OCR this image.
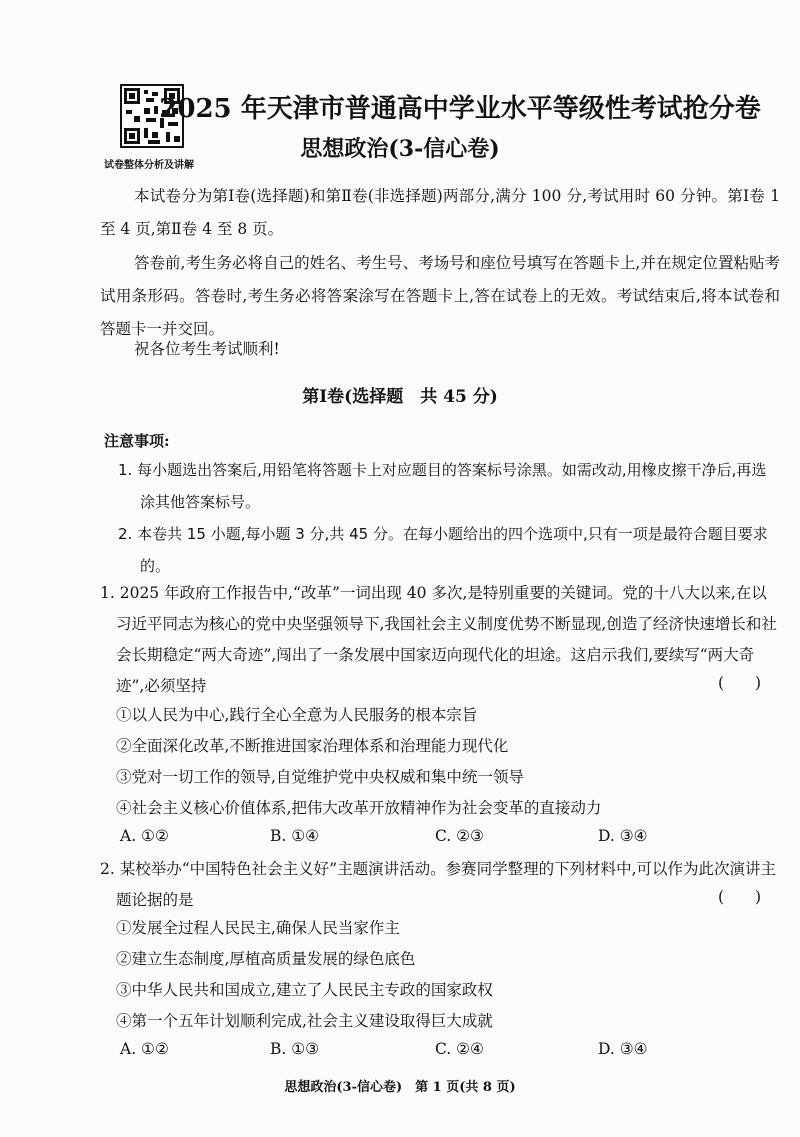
试卷整体分析及讲解
2025 年天津市普通高中学业水平等级性考试抢分卷
思想政治(3-信心卷)
本试卷分为第Ⅰ卷(选择题)和第Ⅱ卷(非选择题)两部分,满分 100 分,考试用时 60 分钟。第Ⅰ卷 1 至 4 页,第Ⅱ卷 4 至 8 页。
答卷前,考生务必将自己的姓名、考生号、考场号和座位号填写在答题卡上,并在规定位置粘贴考试用条形码。答卷时,考生务必将答案涂写在答题卡上,答在试卷上的无效。考试结束后,将本试卷和答题卡一并交回。
祝各位考生考试顺利!
第Ⅰ卷(选择题　共 45 分)
注意事项:
1. 每小题选出答案后,用铅笔将答题卡上对应题目的答案标号涂黑。如需改动,用橡皮擦干净后,再选涂其他答案标号。
2. 本卷共 15 小题,每小题 3 分,共 45 分。在每小题给出的四个选项中,只有一项是最符合题目要求的。
1. 2025 年政府工作报告中,“改革”一词出现 40 多次,是特别重要的关键词。党的十八大以来,在以习近平同志为核心的党中央坚强领导下,我国社会主义制度优势不断显现,创造了经济快速增长和社会长期稳定“两大奇迹”,闯出了一条发展中国家迈向现代化的坦途。这启示我们,要续写“两大奇迹”,必须坚持	(　　)
①以人民为中心,践行全心全意为人民服务的根本宗旨
②全面深化改革,不断推进国家治理体系和治理能力现代化
③党对一切工作的领导,自觉维护党中央权威和集中统一领导
④社会主义核心价值体系,把伟大改革开放精神作为社会变革的直接动力
A. ①②	B. ①④	C. ②③	D. ③④
2. 某校举办“中国特色社会主义好”主题演讲活动。参赛同学整理的下列材料中,可以作为此次演讲主题论据的是	(　　)
①发展全过程人民民主,确保人民当家作主
②建立生态制度,厚植高质量发展的绿色底色
③中华人民共和国成立,建立了人民民主专政的国家政权
④第一个五年计划顺利完成,社会主义建设取得巨大成就
A. ①②	B. ①③	C. ②④	D. ③④
思想政治(3-信心卷)　第 1 页(共 8 页)
